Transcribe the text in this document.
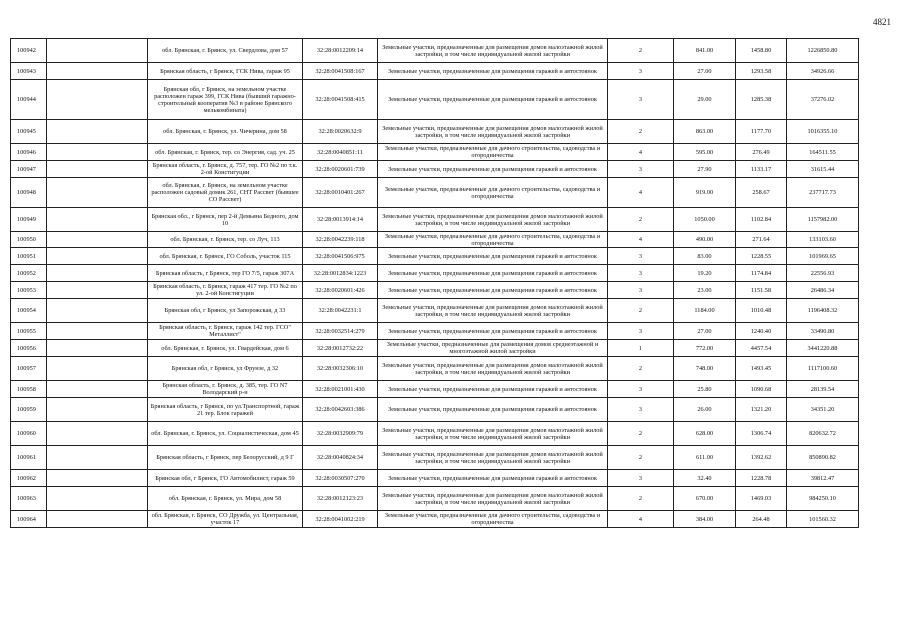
4821
100942		обл. Брянская, г. Брянск, ул. Свердлова, дом 57	32:28:0012209:14	Земельные участки, предназначенные для размещения домов малоэтажной жилой застройки, в том числе индивидуальной жилой застройки	2	841.00	1458.80	1226850.80
100943		Брянская область, г Брянск, ГСК Нива, гараж 95	32:28:0041508:167	Земельные участки, предназначенные для размещения гаражей и автостоянок	3	27.00	1293.58	34926.66
100944		Брянская обл, г Брянск, на земельном участке расположен гараж 399, ГСК Нива (бывший гаражно-строительный кооператив №3 в районе Брянского мелькомбината)	32:28:0041508:415	Земельные участки, предназначенные для размещения гаражей и автостоянок	3	29.00	1285.38	37276.02
100945		обл. Брянская, г. Брянск, ул. Чичерина, дом 58	32:28:0020632:9	Земельные участки, предназначенные для размещения домов малоэтажной жилой застройки, в том числе индивидуальной жилой застройки	2	863.00	1177.70	1016355.10
100946		обл. Брянская, г. Брянск, тер. со Энергия, сад. уч. 25	32:28:0040851:11	Земельные участки, предназначенные для дачного строительства, садоводства и огородничества	4	595.00	276.49	164511.55
100947		Брянская область, г. Брянск, д. 757, тер. ГО №2 по т.к. 2-ой Констигуции	32:28:0020601:739	Земельные участки, предназначенные для размещения гаражей и автостоянок	3	27.90	1133.17	31615.44
100948		обл. Брянская, г. Брянск, на земельном участке расположен садовый домик 261, СНТ Рассвет (бывшее СО Рассвет)	32:28:0010401:267	Земельные участки, предназначенные для дачного строительства, садоводства и огородничества	4	919.00	258.67	237717.73
100949		Брянская обл., г Брянск, пер 2-й Демьяна Бедного, дом 10	32:28:0013914:14	Земельные участки, предназначенные для размещения домов малоэтажной жилой застройки, в том числе индивидуальной жилой застройки	2	1050.00	1102.84	1157982.00
100950		обл. Брянская, г. Брянск, тер. со Луч, 113	32:28:0042239:118	Земельные участки, предназначенные для дачного строительства, садоводства и огородничества	4	490.00	271.64	133103.60
100951		обл. Брянская, г. Брянск, ГО Соболь, участок 115	32:28:0041506:975	Земельные участки, предназначенные для размещения гаражей и автостоянок	3	83.00	1228.55	101969.65
100952		Брянская область, г Брянск, тер ГО 7/5, гараж 307А	32:28:0012834:1223	Земельные участки, предназначенные для размещения гаражей и автостоянок	3	19.20	1174.84	22556.93
100953		Брянская область, г. Брянск, гараж 417 тер. ГО №2 по ул. 2-ой Констигуции	32:28:0020601:426	Земельные участки, предназначенные для размещения гаражей и автостоянок	3	23.00	1151.58	26486.34
100954		Брянская обл, г Брянск, ул Запорожская, д 33	32:28:0042231:1	Земельные участки, предназначенные для размещения домов малоэтажной жилой застройки, в том числе индивидуальной жилой застройки	2	1184.00	1010.48	1196408.32
100955		Брянская область, г. Брянск, гараж 142 тер. ГСО" Металлист"	32:28:0032514:279	Земельные участки, предназначенные для размещения гаражей и автостоянок	3	27.00	1240.40	33490.80
100956		обл. Брянская, г. Брянск, ул. Гвардейская, дом 6	32:28:0012732:22	Земельные участки, предназначенные для размещения домов среднеэтажной и многоэтажной жилой застройки	1	772.00	4457.54	3441220.88
100957		Брянская обл, г Брянск, ул Фрунзе, д 32	32:28:0032306:10	Земельные участки, предназначенные для размещения домов малоэтажной жилой застройки, в том числе индивидуальной жилой застройки	2	748.00	1493.45	1117100.60
100958		Брянская область, г. Брянск, д. 385, тер. ГО N7 Володарский р-н	32:28:0021001:430	Земельные участки, предназначенные для размещения гаражей и автостоянок	3	25.80	1090.68	28139.54
100959		Брянская область, г Брянск, по ул.Транспортной, гараж 21 тер. Блок гаражей	32:28:0042603:386	Земельные участки, предназначенные для размещения гаражей и автостоянок	3	26.00	1321.20	34351.20
100960		обл. Брянская, г. Брянск, ул. Социалистическая, дом 45	32:28:0032909:79	Земельные участки, предназначенные для размещения домов малоэтажной жилой застройки, в том числе индивидуальной жилой застройки	2	628.00	1306.74	820632.72
100961		Брянская область, г Брянск, пер Белорусский, д 9 Г	32:28:0040824:34	Земельные участки, предназначенные для размещения домов малоэтажной жилой застройки, в том числе индивидуальной жилой застройки	2	611.00	1392.62	850890.82
100962		Брянская обл, г Брянск, ГО Автомобилист, гараж 59	32:28:0030507:270	Земельные участки, предназначенные для размещения гаражей и автостоянок	3	32.40	1228.78	39812.47
100963		обл. Брянская, г. Брянск, ул. Мира, дом 58	32:28:0012123:23	Земельные участки, предназначенные для размещения домов малоэтажной жилой застройки, в том числе индивидуальной жилой застройки	2	670.00	1469.03	984250.10
100964		обл. Брянская, г. Брянск, СО Дружба, ул. Центральная, участок 17	32:28:0041002:219	Земельные участки, предназначенные для дачного строительства, садоводства и огородничества	4	384.00	264.48	101560.32
